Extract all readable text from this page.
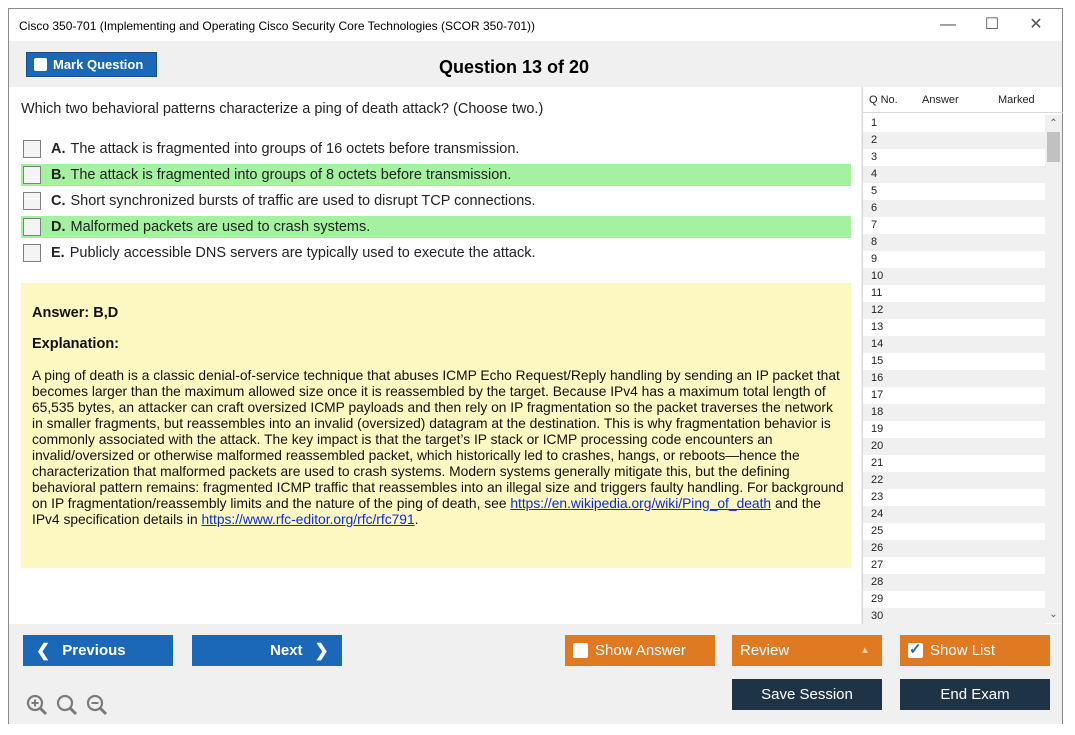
Cisco 350-701 (Implementing and Operating Cisco Security Core Technologies (SCOR 350-701))	—	☐	✕
Mark Question	Question 13 of 20
Which two behavioral patterns characterize a ping of death attack? (Choose two.)
A. The attack is fragmented into groups of 16 octets before transmission.
B. The attack is fragmented into groups of 8 octets before transmission.
C. Short synchronized bursts of traffic are used to disrupt TCP connections.
D. Malformed packets are used to crash systems.
E. Publicly accessible DNS servers are typically used to execute the attack.
Answer: B,D
Explanation:
A ping of death is a classic denial-of-service technique that abuses ICMP Echo Request/Reply handling by sending an IP packet that becomes larger than the maximum allowed size once it is reassembled by the target. Because IPv4 has a maximum total length of 65,535 bytes, an attacker can craft oversized ICMP payloads and then rely on IP fragmentation so the packet traverses the network in smaller fragments, but reassembles into an invalid (oversized) datagram at the destination. This is why fragmentation behavior is commonly associated with the attack. The key impact is that the target’s IP stack or ICMP processing code encounters an invalid/oversized or otherwise malformed reassembled packet, which historically led to crashes, hangs, or reboots—hence the characterization that malformed packets are used to crash systems. Modern systems generally mitigate this, but the defining behavioral pattern remains: fragmented ICMP traffic that reassembles into an illegal size and triggers faulty handling. For background on IP fragmentation/reassembly limits and the nature of the ping of death, see https://en.wikipedia.org/wiki/Ping_of_death and the IPv4 specification details in https://www.rfc-editor.org/rfc/rfc791.
Q No. Answer	Marked
1
2
3
4
5
6
7
8
9
10
11
12
13
14
15
16
17
18
19
20
21
22
23
24
25
26
27
28
29
30
⌃
⌄
❮ Previous	Next ❯	Show Answer	Review	▲
✓	Show List
Save Session	End Exam
